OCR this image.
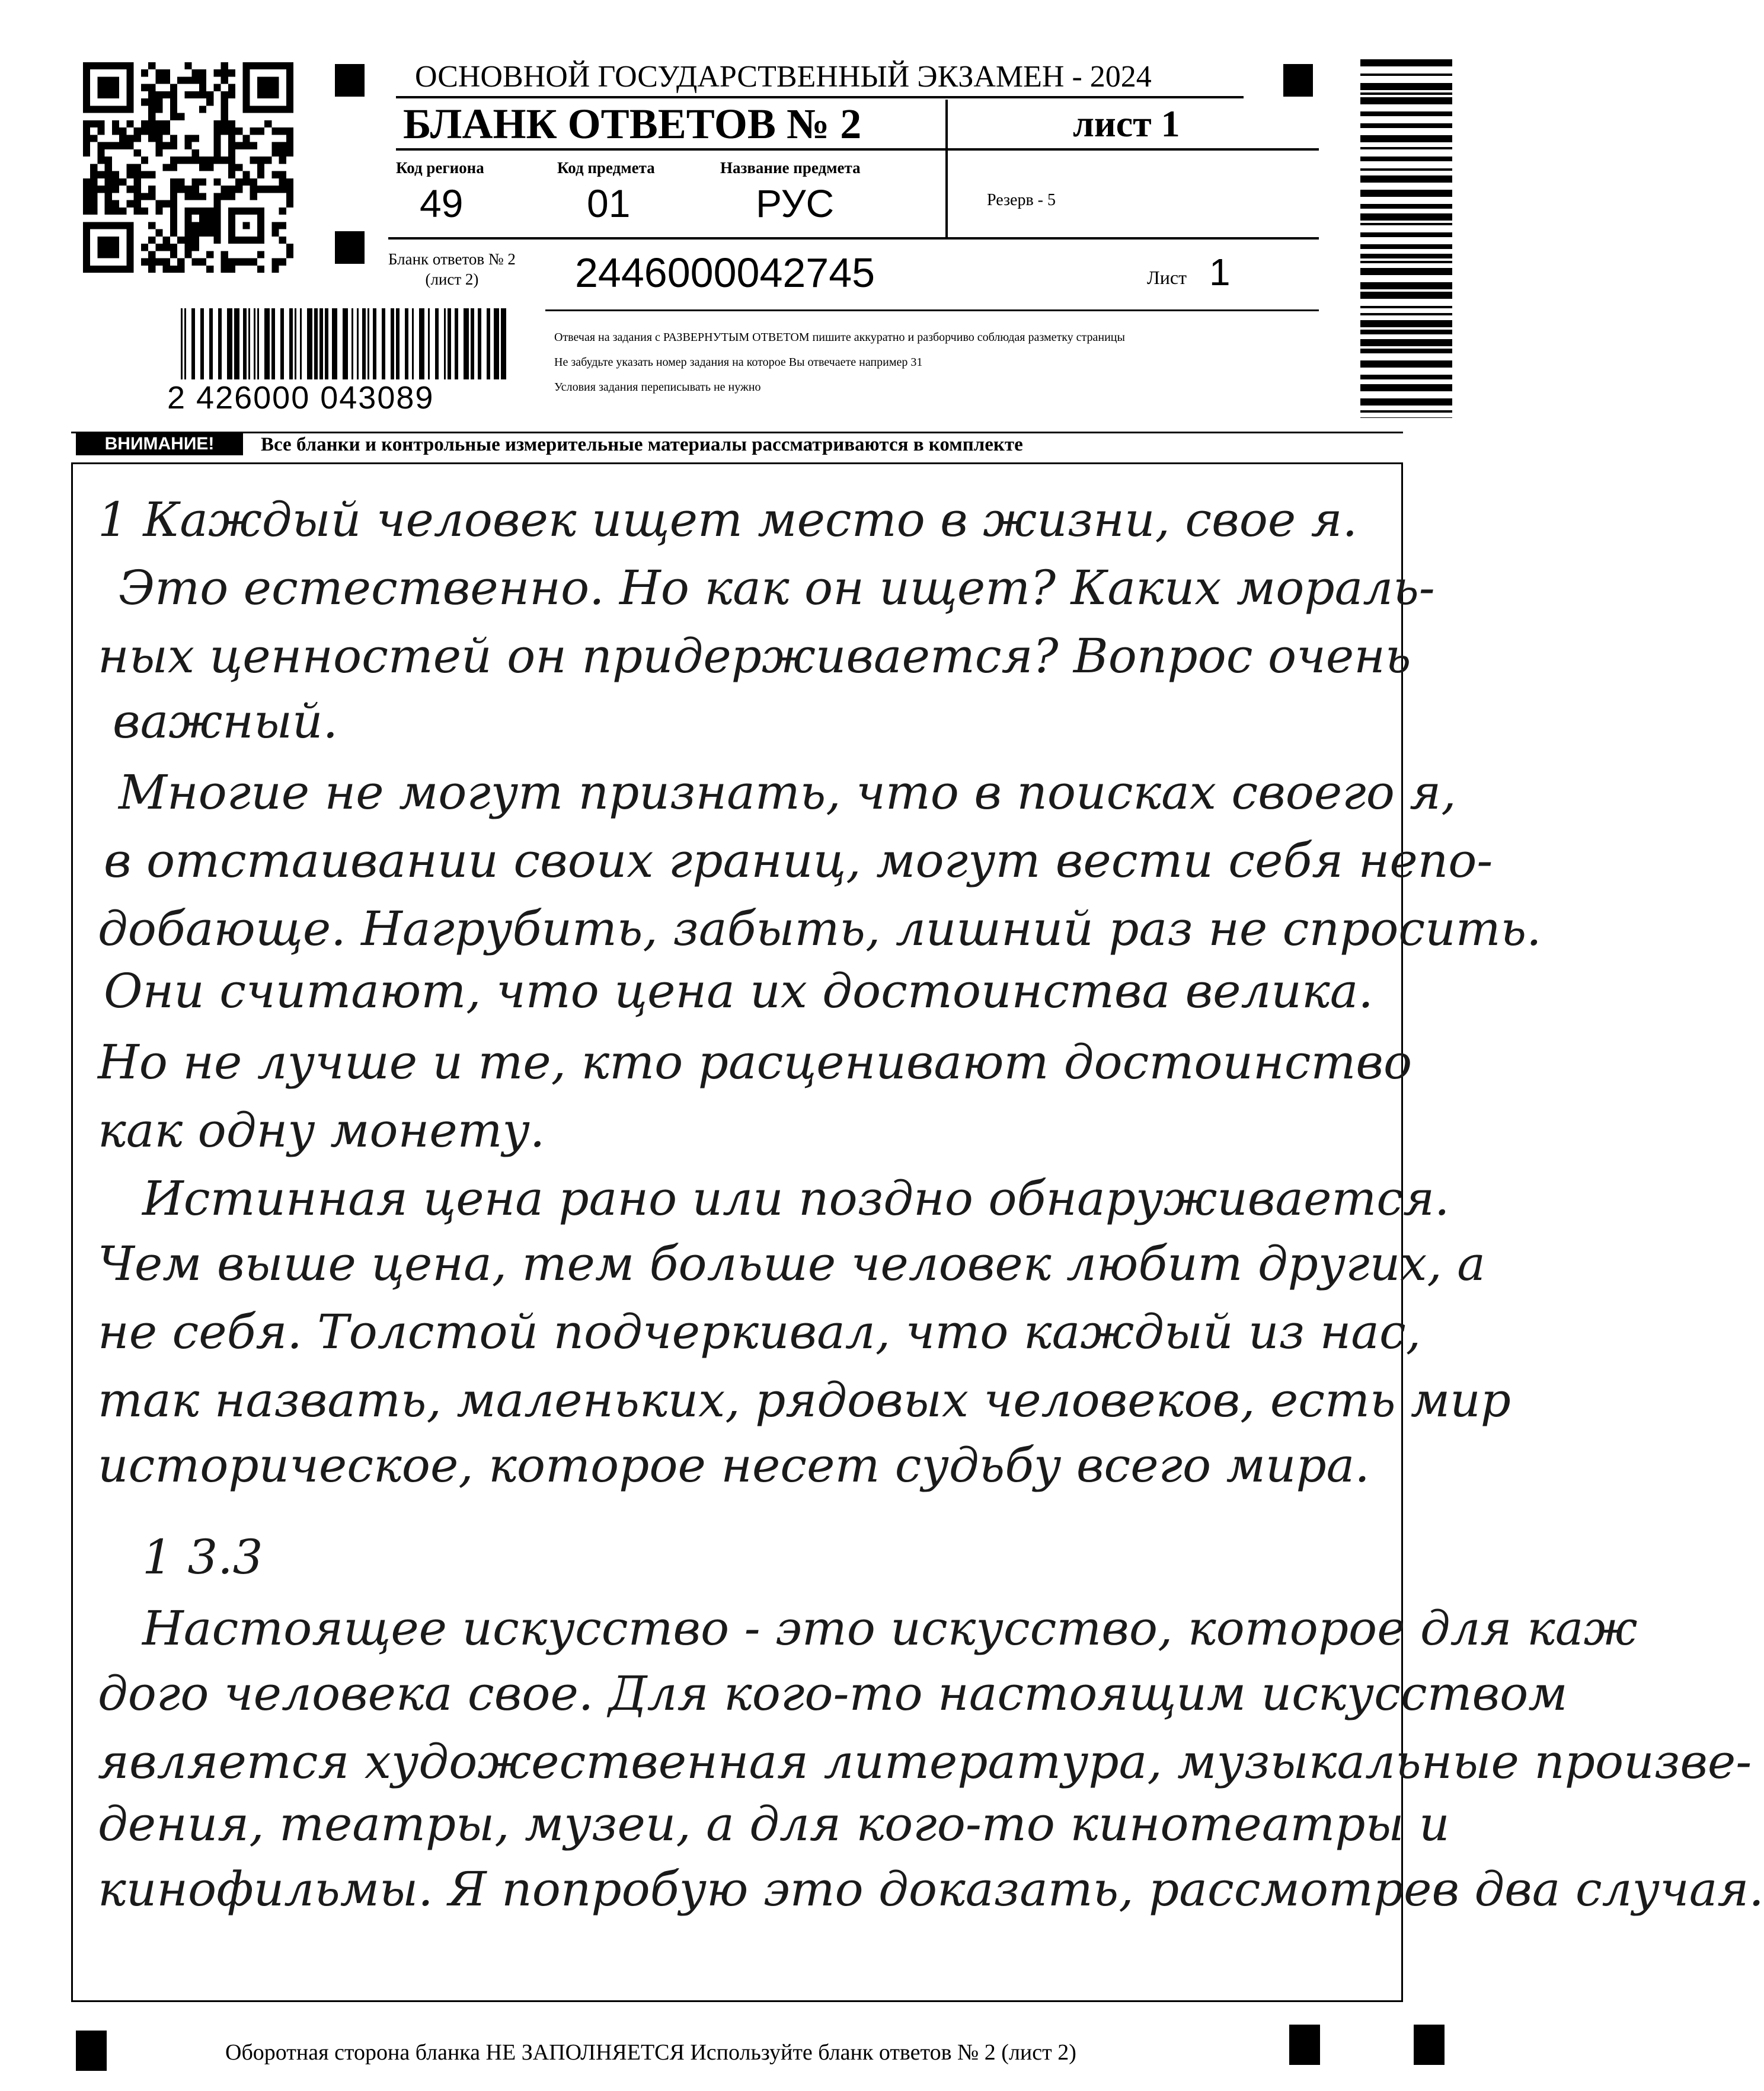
ОСНОВНОЙ ГОСУДАРСТВЕННЫЙ ЭКЗАМЕН - 2024
БЛАНК ОТВЕТОВ № 2	лист 1
Код региона
49
Код предмета
01
Название предмета
РУС	Резерв - 5
Бланк ответов № 2
(лист 2)	2446000042745	Лист 1
Отвечая на задания с РАЗВЕРНУТЫМ ОТВЕТОМ пишите аккуратно и разборчиво соблюдая разметку страницы
Не забудьте указать номер задания на которое Вы отвечаете например 31
Условия задания переписывать не нужно
2 426000 043089
ВНИМАНИЕ!	Все бланки и контрольные измерительные материалы рассматриваются в комплекте
1 Каждый человек ищет место в жизни, свое я.
Это естественно. Но как он ищет? Каких мораль-
ных ценностей он придерживается? Вопрос очень
важный.
Многие не могут признать, что в поисках своего я,
в отстаивании своих границ, могут вести себя непо-
добающе. Нагрубить, забыть, лишний раз не спросить.
Они считают, что цена их достоинства велика.
Но не лучше и те, кто расценивают достоинство
как одну монету.
Истинная цена рано или поздно обнаруживается.
Чем выше цена, тем больше человек любит других, а
не себя. Толстой подчеркивал, что каждый из нас,
так назвать, маленьких, рядовых человеков, есть мир
историческое, которое несет судьбу всего мира.
1 3.3
Настоящее искусство - это искусство, которое для каж
дого человека свое. Для кого-то настоящим искусством
является художественная литература, музыкальные произве-
дения, театры, музеи, а для кого-то кинотеатры и
кинофильмы. Я попробую это доказать, рассмотрев два случая.
Оборотная сторона бланка НЕ ЗАПОЛНЯЕТСЯ Используйте бланк ответов № 2 (лист 2)
